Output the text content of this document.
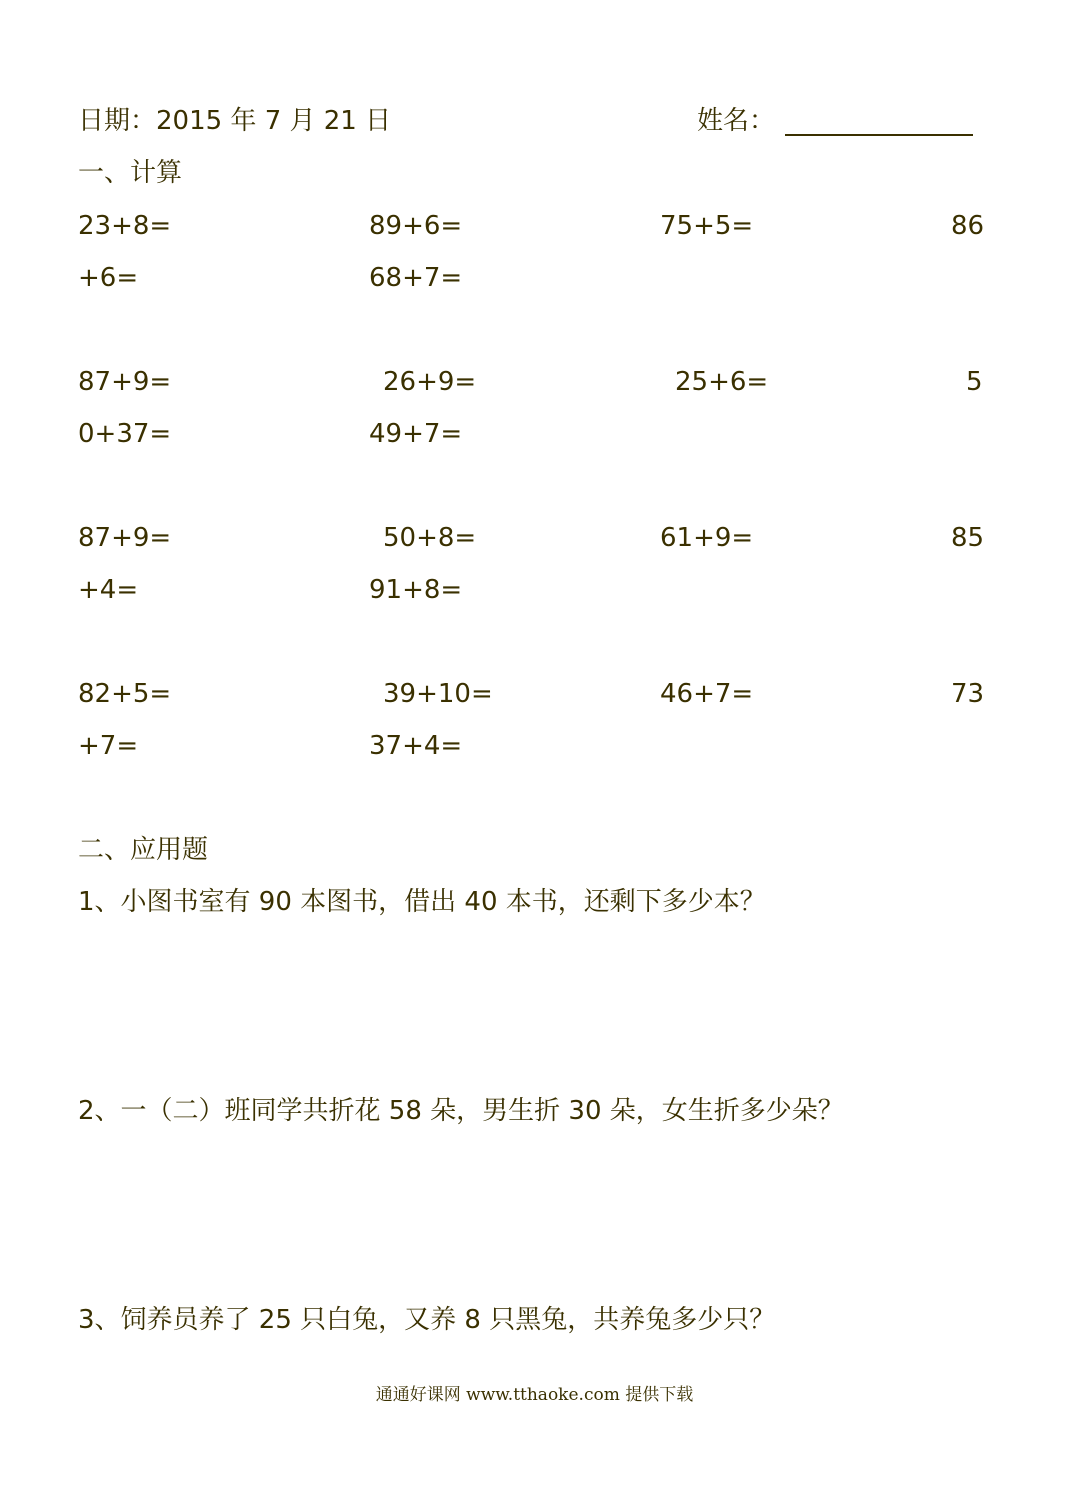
日期：2015 年 7 月 21 日	姓名：
一、计算
23+8=	89+6=	75+5=	86
+6=	68+7=
87+9=	26+9=	25+6=	5
0+37=	49+7=
87+9=	50+8=	61+9=	85
+4=	91+8=
82+5=	39+10=	46+7=	73
+7=	37+4=
二、应用题
1、小图书室有 90 本图书，借出 40 本书，还剩下多少本？
2、一（二）班同学共折花 58 朵，男生折 30 朵，女生折多少朵？
3、饲养员养了 25 只白兔，又养 8 只黑兔，共养兔多少只？
通通好课网 www.tthaoke.com 提供下载
